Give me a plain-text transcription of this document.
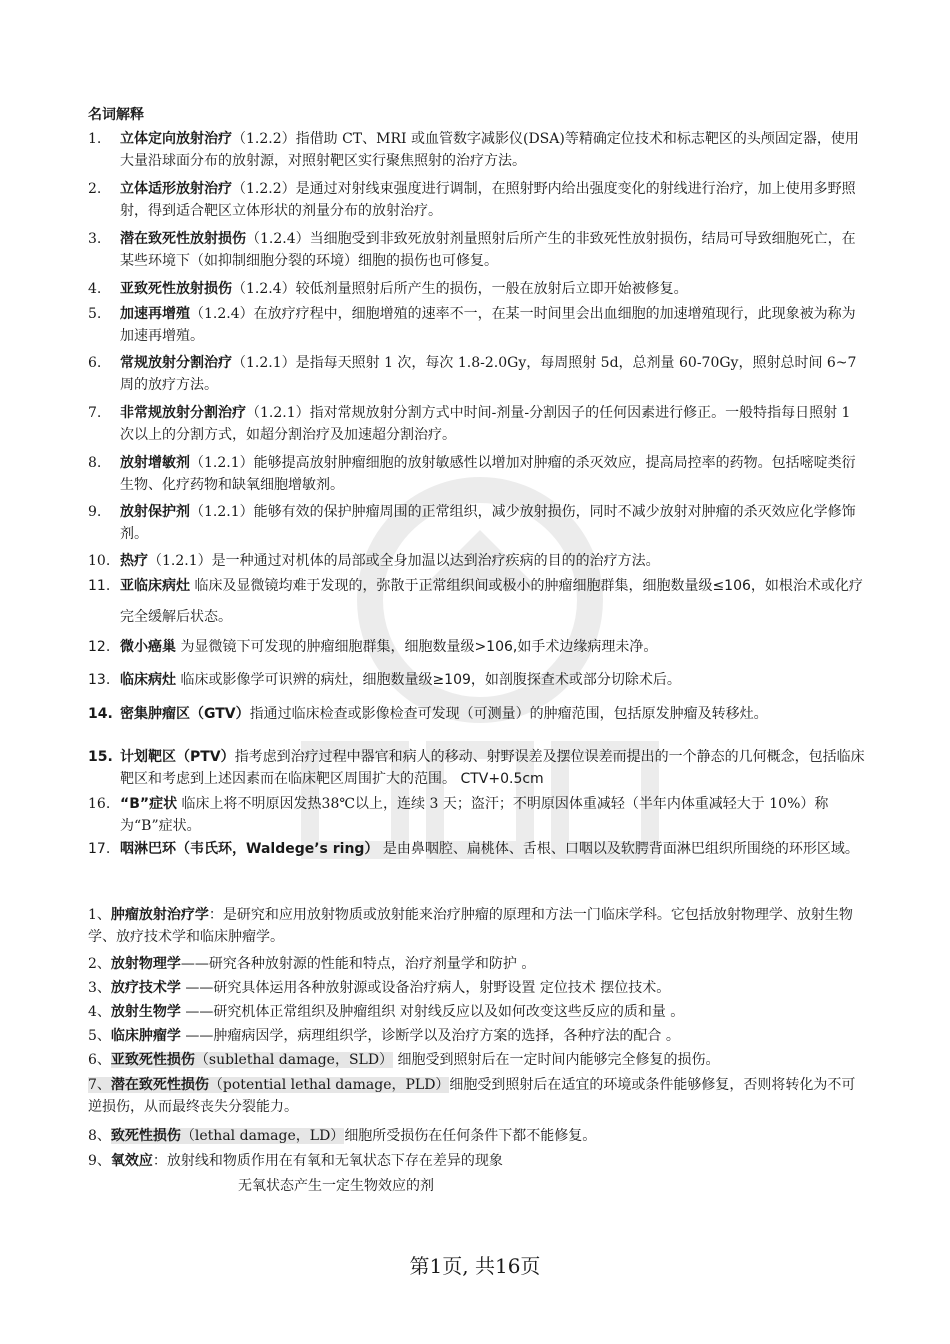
名词解释
1. 立体定向放射治疗（1.2.2）指借助 CT、MRI 或血管数字减影仪(DSA)等精确定位技术和标志靶区的头颅固定器，使用大量沿球面分布的放射源，对照射靶区实行聚焦照射的治疗方法。
2. 立体适形放射治疗（1.2.2）是通过对射线束强度进行调制，在照射野内给出强度变化的射线进行治疗，加上使用多野照射，得到适合靶区立体形状的剂量分布的放射治疗。
3. 潜在致死性放射损伤（1.2.4）当细胞受到非致死放射剂量照射后所产生的非致死性放射损伤，结局可导致细胞死亡，在某些环境下（如抑制细胞分裂的环境）细胞的损伤也可修复。
4. 亚致死性放射损伤（1.2.4）较低剂量照射后所产生的损伤，一般在放射后立即开始被修复。
5. 加速再增殖（1.2.4）在放疗疗程中，细胞增殖的速率不一，在某一时间里会出血细胞的加速增殖现行，此现象被为称为加速再增殖。
6. 常规放射分割治疗（1.2.1）是指每天照射 1 次，每次 1.8-2.0Gy，每周照射 5d，总剂量 60-70Gy，照射总时间 6~7 周的放疗方法。
7. 非常规放射分割治疗（1.2.1）指对常规放射分割方式中时间-剂量-分割因子的任何因素进行修正。一般特指每日照射 1 次以上的分割方式，如超分割治疗及加速超分割治疗。
8. 放射增敏剂（1.2.1）能够提高放射肿瘤细胞的放射敏感性以增加对肿瘤的杀灭效应，提高局控率的药物。包括嘧啶类衍生物、化疗药物和缺氧细胞增敏剂。
9. 放射保护剂（1.2.1）能够有效的保护肿瘤周围的正常组织，减少放射损伤，同时不减少放射对肿瘤的杀灭效应化学修饰剂。
10. 热疗（1.2.1）是一种通过对机体的局部或全身加温以达到治疗疾病的目的的治疗方法。
11. 亚临床病灶 临床及显微镜均难于发现的，弥散于正常组织间或极小的肿瘤细胞群集，细胞数量级≤106，如根治术或化疗完全缓解后状态。
12. 微小癌巢 为显微镜下可发现的肿瘤细胞群集，细胞数量级>106,如手术边缘病理未净。
13. 临床病灶 临床或影像学可识辨的病灶，细胞数量级≥109，如剖腹探查术或部分切除术后。
14. 密集肿瘤区（GTV）指通过临床检查或影像检查可发现（可测量）的肿瘤范围，包括原发肿瘤及转移灶。
15. 计划靶区（PTV）指考虑到治疗过程中器官和病人的移动、射野误差及摆位误差而提出的一个静态的几何概念，包括临床靶区和考虑到上述因素而在临床靶区周围扩大的范围。 CTV+0.5cm
16. “B”症状 临床上将不明原因发热38℃以上，连续 3 天；盗汗；不明原因体重减轻（半年内体重减轻大于 10%）称为“B”症状。
17. 咽淋巴环（韦氏环，Waldege’s ring） 是由鼻咽腔、扁桃体、舌根、口咽以及软腭背面淋巴组织所围绕的环形区域。
1、肿瘤放射治疗学：是研究和应用放射物质或放射能来治疗肿瘤的原理和方法一门临床学科。它包括放射物理学、放射生物学、放疗技术学和临床肿瘤学。
2、放射物理学——研究各种放射源的性能和特点，治疗剂量学和防护 。
3、放疗技术学 ——研究具体运用各种放射源或设备治疗病人，射野设置 定位技术 摆位技术。
4、放射生物学 ——研究机体正常组织及肿瘤组织 对射线反应以及如何改变这些反应的质和量 。
5、临床肿瘤学 ——肿瘤病因学，病理组织学，诊断学以及治疗方案的选择，各种疗法的配合 。
6、亚致死性损伤（sublethal damage，SLD） 细胞受到照射后在一定时间内能够完全修复的损伤。
7、潜在致死性损伤（potential lethal damage，PLD）细胞受到照射后在适宜的环境或条件能够修复，否则将转化为不可逆损伤，从而最终丧失分裂能力。
8、致死性损伤（lethal damage，LD）细胞所受损伤在任何条件下都不能修复。
9、氧效应：放射线和物质作用在有氧和无氧状态下存在差异的现象
无氧状态产生一定生物效应的剂
第1页, 共16页
